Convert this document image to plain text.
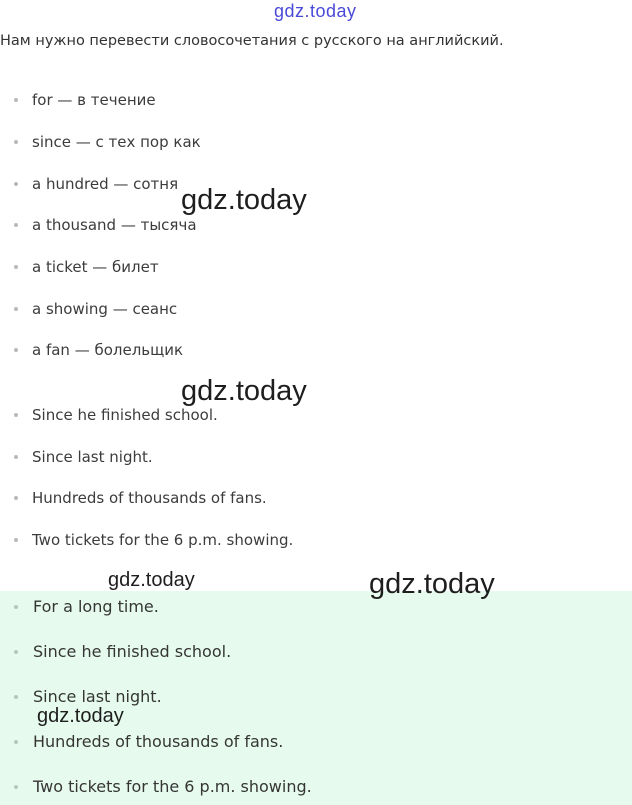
gdz.today
Нам нужно перевести словосочетания с русского на английский.
for — в течение
since — с тех пор как
a hundred — сотня
a thousand — тысяча
a ticket — билет
a showing — сеанс
a fan — болельщик
Since he finished school.
Since last night.
Hundreds of thousands of fans.
Two tickets for the 6 p.m. showing.
For a long time.
Since he finished school.
Since last night.
Hundreds of thousands of fans.
Two tickets for the 6 p.m. showing.
gdz.today
gdz.today
gdz.today	gdz.today
gdz.today
